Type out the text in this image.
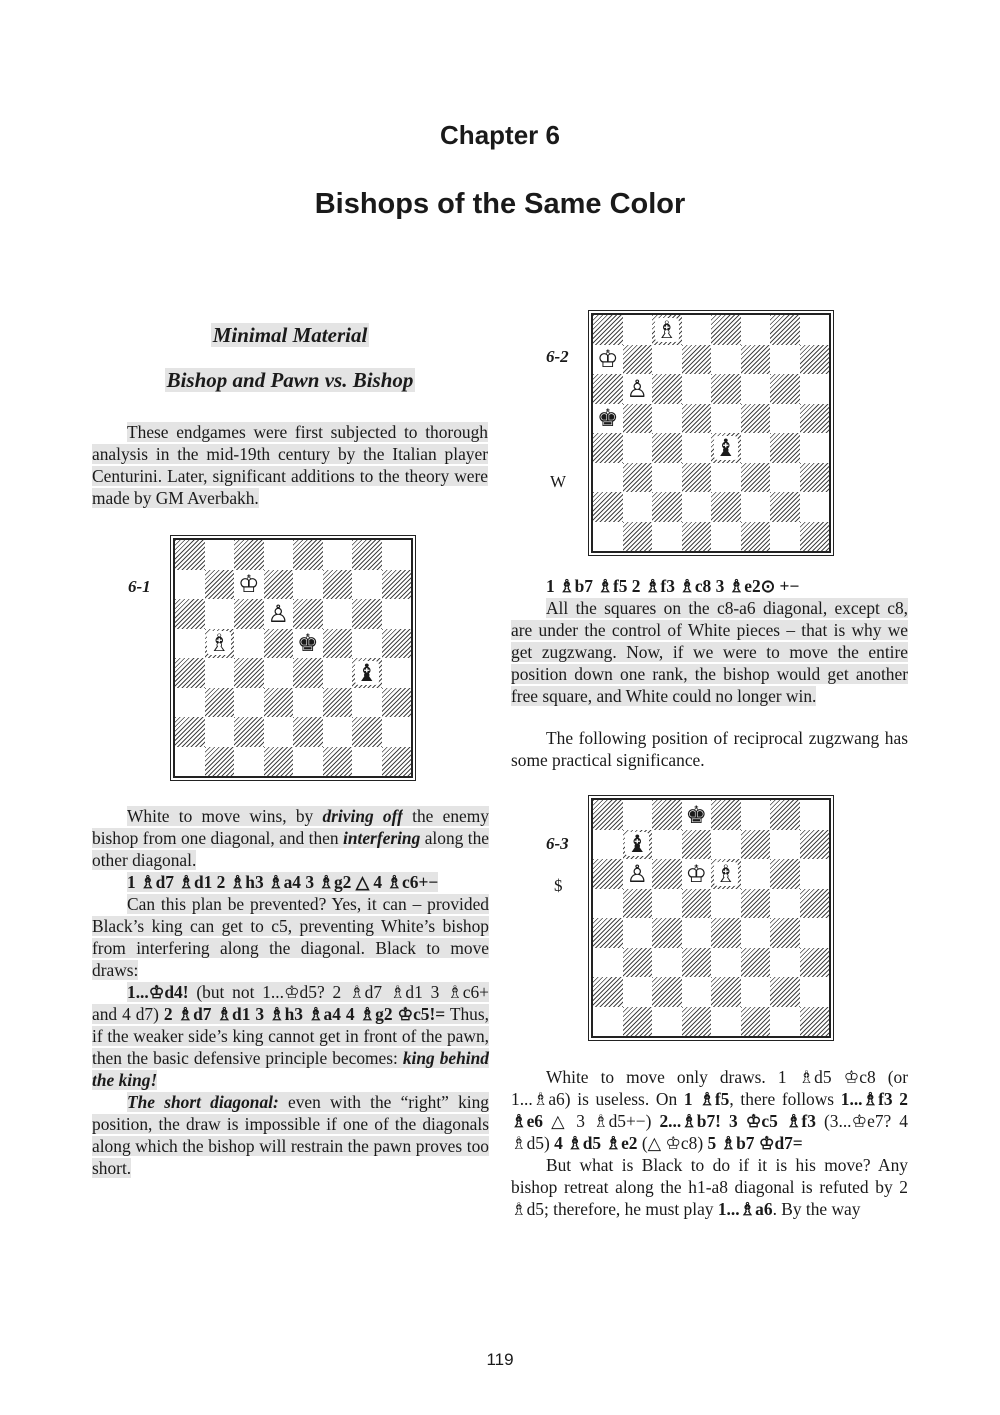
Chapter 6
Bishops of the Same Color
Minimal Material
Bishop and Pawn vs. Bishop
These endgames were first subjected to thorough analysis in the mid-19th century by the Italian player Centurini. Later, significant additions to the theory were made by GM Averbakh.
6-1	♔
♙
♗	♚
♝
6-2
W
♗
♔
♙
♚
♝
6-3
$
♚
♝
♙ ♔ ♗
White to move wins, by driving off the enemy bishop from one diagonal, and then interfering along the other diagonal.
1 ♗d7 ♗d1 2 ♗h3 ♗a4 3 ♗g2 △ 4 ♗c6+−
Can this plan be prevented? Yes, it can – provided Black’s king can get to c5, preventing White’s bishop from interfering along the diagonal. Black to move draws:
1...♔d4! (but not 1...♔d5? 2 ♗d7 ♗d1 3 ♗c6+ and 4 d7) 2 ♗d7 ♗d1 3 ♗h3 ♗a4 4 ♗g2 ♔c5!= Thus, if the weaker side’s king cannot get in front of the pawn, then the basic defensive principle becomes: king behind the king!
The short diagonal: even with the “right” king position, the draw is impossible if one of the diagonals along which the bishop will restrain the pawn proves too short.
1 ♗b7 ♗f5 2 ♗f3 ♗c8 3 ♗e2⊙ +−
All the squares on the c8-a6 diagonal, except c8, are under the control of White pieces – that is why we get zugzwang. Now, if we were to move the entire position down one rank, the bishop would get another free square, and White could no longer win.
The following position of reciprocal zugzwang has some practical significance.
White to move only draws. 1 ♗d5 ♔c8 (or 1...♗a6) is useless. On 1 ♗f5, there follows 1...♗f3 2 ♗e6 △ 3 ♗d5+−) 2...♗b7! 3 ♔c5 ♗f3 (3...♔e7? 4 ♗d5) 4 ♗d5 ♗e2 (△ ♔c8) 5 ♗b7 ♔d7=
But what is Black to do if it is his move? Any bishop retreat along the h1-a8 diagonal is refuted by 2 ♗d5; therefore, he must play 1...♗a6. By the way
119
